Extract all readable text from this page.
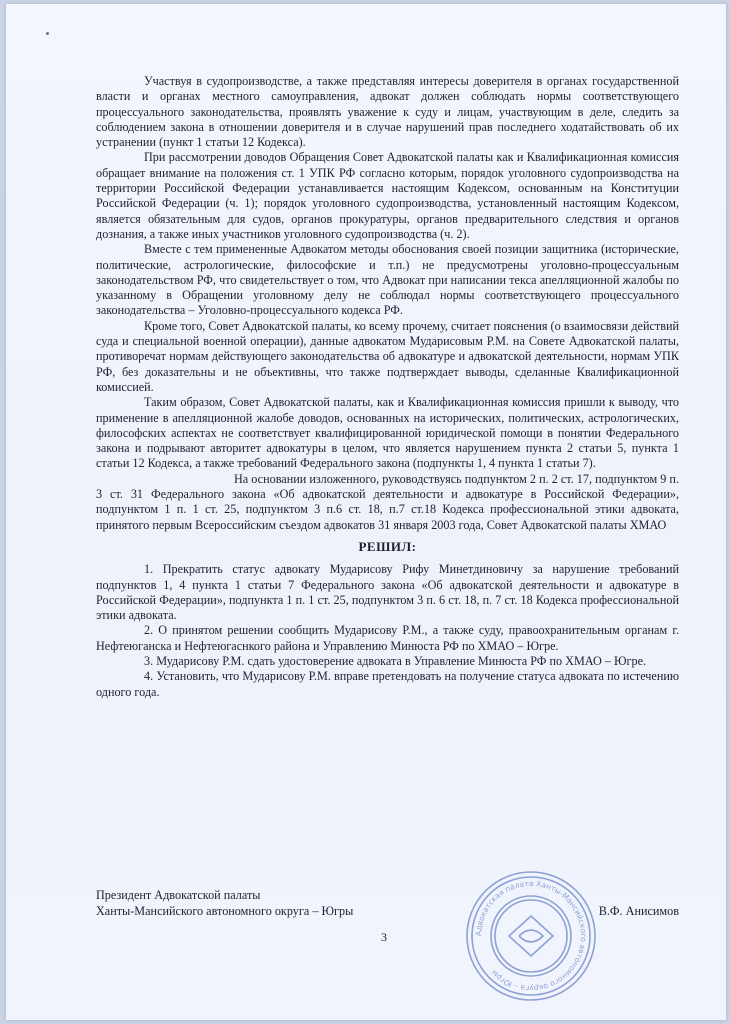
Участвуя в судопроизводстве, а также представляя интересы доверителя в органах государственной власти и органах местного самоуправления, адвокат должен соблюдать нормы соответствующего процессуального законодательства, проявлять уважение к суду и лицам, участвующим в деле, следить за соблюдением закона в отношении доверителя и в случае нарушений прав последнего ходатайствовать об их устранении (пункт 1 статьи 12 Кодекса).

При рассмотрении доводов Обращения Совет Адвокатской палаты как и Квалификационная комиссия обращает внимание на положения ст. 1 УПК РФ согласно которым, порядок уголовного судопроизводства на территории Российской Федерации устанавливается настоящим Кодексом, основанным на Конституции Российской Федерации (ч. 1); порядок уголовного судопроизводства, установленный настоящим Кодексом, является обязательным для судов, органов прокуратуры, органов предварительного следствия и органов дознания, а также иных участников уголовного судопроизводства (ч. 2).

Вместе с тем примененные Адвокатом методы обоснования своей позиции защитника (исторические, политические, астрологические, философские и т.п.) не предусмотрены уголовно-процессуальным законодательством РФ, что свидетельствует о том, что Адвокат при написании текса апелляционной жалобы по указанному в Обращении уголовному делу не соблюдал нормы соответствующего процессуального законодательства – Уголовно-процессуального кодекса РФ.

Кроме того, Совет Адвокатской палаты, ко всему прочему, считает пояснения (о взаимосвязи действий суда и специальной военной операции), данные адвокатом Мударисовым Р.М. на Совете Адвокатской палаты, противоречат нормам действующего законодательства об адвокатуре и адвокатской деятельности, нормам УПК РФ, без доказательны и не объективны, что также подтверждает выводы, сделанные Квалификационной комиссией.

Таким образом, Совет Адвокатской палаты, как и Квалификационная комиссия пришли к выводу, что применение в апелляционной жалобе доводов, основанных на исторических, политических, астрологических, философских аспектах не соответствует квалифицированной юридической помощи в понятии Федерального закона и подрывают авторитет адвокатуры в целом, что является нарушением пункта 2 статьи 5, пункта 1 статьи 12 Кодекса, а также требований Федерального закона (подпункты 1, 4 пункта 1 статьи 7).

На основании изложенного, руководствуясь подпунктом 2 п. 2 ст. 17, подпунктом 9 п. 3 ст. 31 Федерального закона «Об адвокатской деятельности и адвокатуре в Российской Федерации», подпунктом 1 п. 1 ст. 25, подпунктом 3 п.6 ст. 18, п.7 ст.18 Кодекса профессиональной этики адвоката, принятого первым Всероссийским съездом адвокатов 31 января 2003 года, Совет Адвокатской палаты ХМАО

РЕШИЛ:

1. Прекратить статус адвокату Мударисову Рифу Минетдиновичу за нарушение требований подпунктов 1, 4 пункта 1 статьи 7 Федерального закона «Об адвокатской деятельности и адвокатуре в Российской Федерации», подпункта 1 п. 1 ст. 25, подпунктом 3 п. 6 ст. 18, п. 7 ст. 18 Кодекса профессиональной этики адвоката.

2. О принятом решении сообщить Мударисову Р.М., а также суду, правоохранительным органам г. Нефтеюганска и Нефтеюгаснкого района и Управлению Минюста РФ по ХМАО – Югре.

3. Мударисову Р.М. сдать удостоверение адвоката в Управление Минюста РФ по ХМАО – Югре.

4. Установить, что Мударисову Р.М. вправе претендовать на получение статуса адвоката по истечению одного года.

Адвокатская палата Ханты-Мансийского автономного округа – Югры
Президент Адвокатской палаты
Ханты-Мансийского автономного округа – Югры	В.Ф. Анисимов
3
